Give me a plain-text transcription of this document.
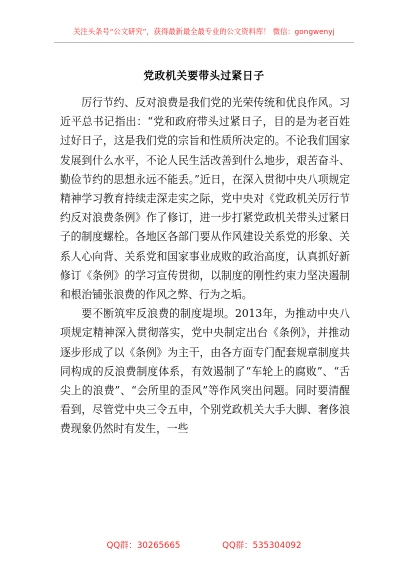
关注头条号“公文研究”，获得最新最全最专业的公文资料库！ 微信：gongwenyj
党政机关要带头过紧日子

厉行节约、反对浪费是我们党的光荣传统和优良作风。习近平总书记指出：“党和政府带头过紧日子，目的是为老百姓过好日子，这是我们党的宗旨和性质所决定的。不论我们国家发展到什么水平，不论人民生活改善到什么地步，艰苦奋斗、勤俭节约的思想永远不能丢。”近日，在深入贯彻中央八项规定精神学习教育持续走深走实之际，党中央对《党政机关厉行节约反对浪费条例》作了修订，进一步打紧党政机关带头过紧日子的制度螺栓。各地区各部门要从作风建设关系党的形象、关系人心向背、关系党和国家事业成败的政治高度，认真抓好新修订《条例》的学习宣传贯彻，以制度的刚性约束力坚决遏制和根治铺张浪费的作风之弊、行为之垢。

要不断筑牢反浪费的制度堤坝。2013年，为推动中央八项规定精神深入贯彻落实，党中央制定出台《条例》，并推动逐步形成了以《条例》为主干，由各方面专门配套规章制度共同构成的反浪费制度体系，有效遏制了“车轮上的腐败”、“舌尖上的浪费”、“会所里的歪风”等作风突出问题。同时要清醒看到，尽管党中央三令五申，个别党政机关大手大脚、奢侈浪费现象仍然时有发生，一些

QQ群：30265665	QQ群：535304092
